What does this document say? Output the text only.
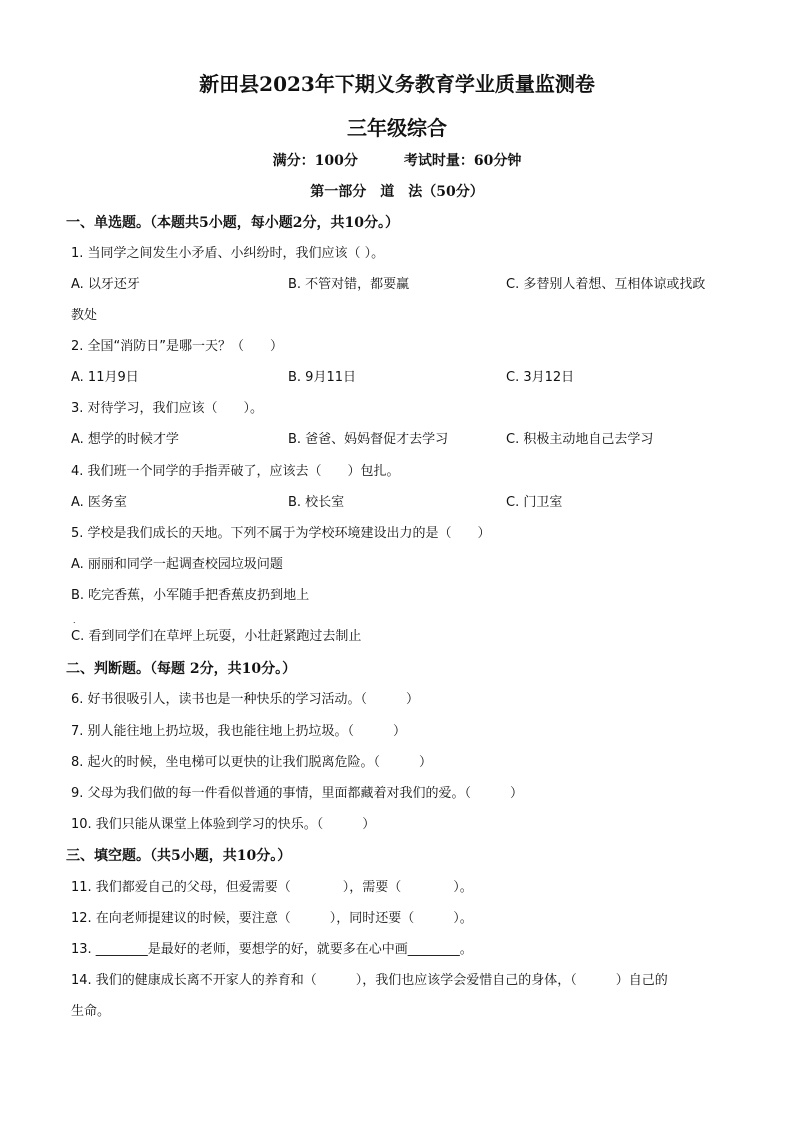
新田县2023年下期义务教育学业质量监测卷
三年级综合
满分：100分	考试时量：60分钟
第一部分　道　法（50分）
一、单选题。（本题共5小题，每小题2分，共10分。）
1. 当同学之间发生小矛盾、小纠纷时，我们应该（ ）。
A. 以牙还牙	B. 不管对错，都要赢	C. 多替别人着想、互相体谅或找政
教处
2. 全国“消防日”是哪一天？（　　）
A. 11月9日	B. 9月11日	C. 3月12日
3. 对待学习，我们应该（　　）。
A. 想学的时候才学	B. 爸爸、妈妈督促才去学习	C. 积极主动地自己去学习
4. 我们班一个同学的手指弄破了，应该去（　　）包扎。
A. 医务室	B. 校长室	C. 门卫室
5. 学校是我们成长的天地。下列不属于为学校环境建设出力的是（　　）
A. 丽丽和同学一起调查校园垃圾问题
B. 吃完香蕉，小军随手把香蕉皮扔到地上
．
C. 看到同学们在草坪上玩耍，小壮赶紧跑过去制止
二、判断题。（每题 2分，共10分。）
6. 好书很吸引人，读书也是一种快乐的学习活动。（　　　）
7. 别人能往地上扔垃圾，我也能往地上扔垃圾。（　　　）
8. 起火的时候，坐电梯可以更快的让我们脱离危险。（　　　）
9. 父母为我们做的每一件看似普通的事情，里面都藏着对我们的爱。（　　　）
10. 我们只能从课堂上体验到学习的快乐。（　　　）
三、填空题。（共5小题，共10分。）
11. 我们都爱自己的父母，但爱需要（　　　　），需要（　　　　）。
12. 在向老师提建议的时候，要注意（　　　），同时还要（　　　）。
13. ________是最好的老师，要想学的好，就要多在心中画________。
14. 我们的健康成长离不开家人的养育和（　　　），我们也应该学会爱惜自己的身体，（　　　）自己的
生命。
